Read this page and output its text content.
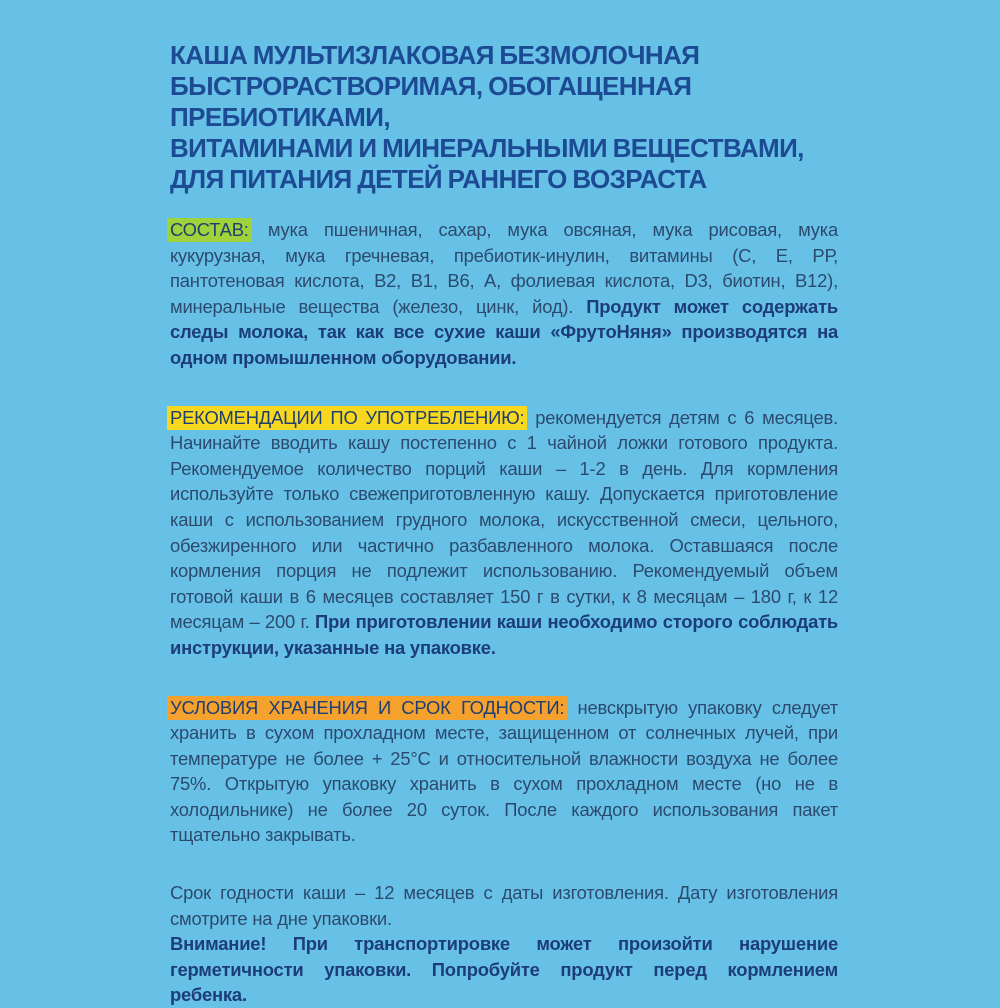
КАША МУЛЬТИЗЛАКОВАЯ БЕЗМОЛОЧНАЯ
БЫСТРОРАСТВОРИМАЯ, ОБОГАЩЕННАЯ ПРЕБИОТИКАМИ,
ВИТАМИНАМИ И МИНЕРАЛЬНЫМИ ВЕЩЕСТВАМИ,
ДЛЯ ПИТАНИЯ ДЕТЕЙ РАННЕГО ВОЗРАСТА

СОСТАВ: мука пшеничная, сахар, мука овсяная, мука рисовая, мука кукурузная, мука гречневая, пребиотик-инулин, витамины (С, Е, РР, пантотеновая кислота, В2, В1, В6, А, фолиевая кислота, D3, биотин, В12), минеральные вещества (железо, цинк, йод). Продукт может содержать следы молока, так как все сухие каши «ФрутоНяня» производятся на одном промышленном оборудовании.

РЕКОМЕНДАЦИИ ПО УПОТРЕБЛЕНИЮ: рекомендуется детям с 6 месяцев. Начинайте вводить кашу постепенно с 1 чайной ложки готового продукта. Рекомендуемое количество порций каши – 1-2 в день. Для кормления используйте только свежеприготовленную кашу. Допускается приготовление каши с использованием грудного молока, искусственной смеси, цельного, обезжиренного или частично разбавленного молока. Оставшаяся после кормления порция не подлежит использованию. Рекомендуемый объем готовой каши в 6 месяцев составляет 150 г в сутки, к 8 месяцам – 180 г, к 12 месяцам – 200 г. При приготовлении каши необходимо сторого соблюдать инструкции, указанные на упаковке.

УСЛОВИЯ ХРАНЕНИЯ И СРОК ГОДНОСТИ: невскрытую упаковку следует хранить в сухом прохладном месте, защищенном от солнечных лучей, при температуре не более + 25°С и относительной влажности воздуха не более 75%. Открытую упаковку хранить в сухом прохладном месте (но не в холодильнике) не более 20 суток. После каждого использования пакет тщательно закрывать.

Срок годности каши – 12 месяцев с даты изготовления. Дату изготовления смотрите на дне упаковки.
Внимание! При транспортировке может произойти нарушение герметичности упаковки. Попробуйте продукт перед кормлением ребенка.
